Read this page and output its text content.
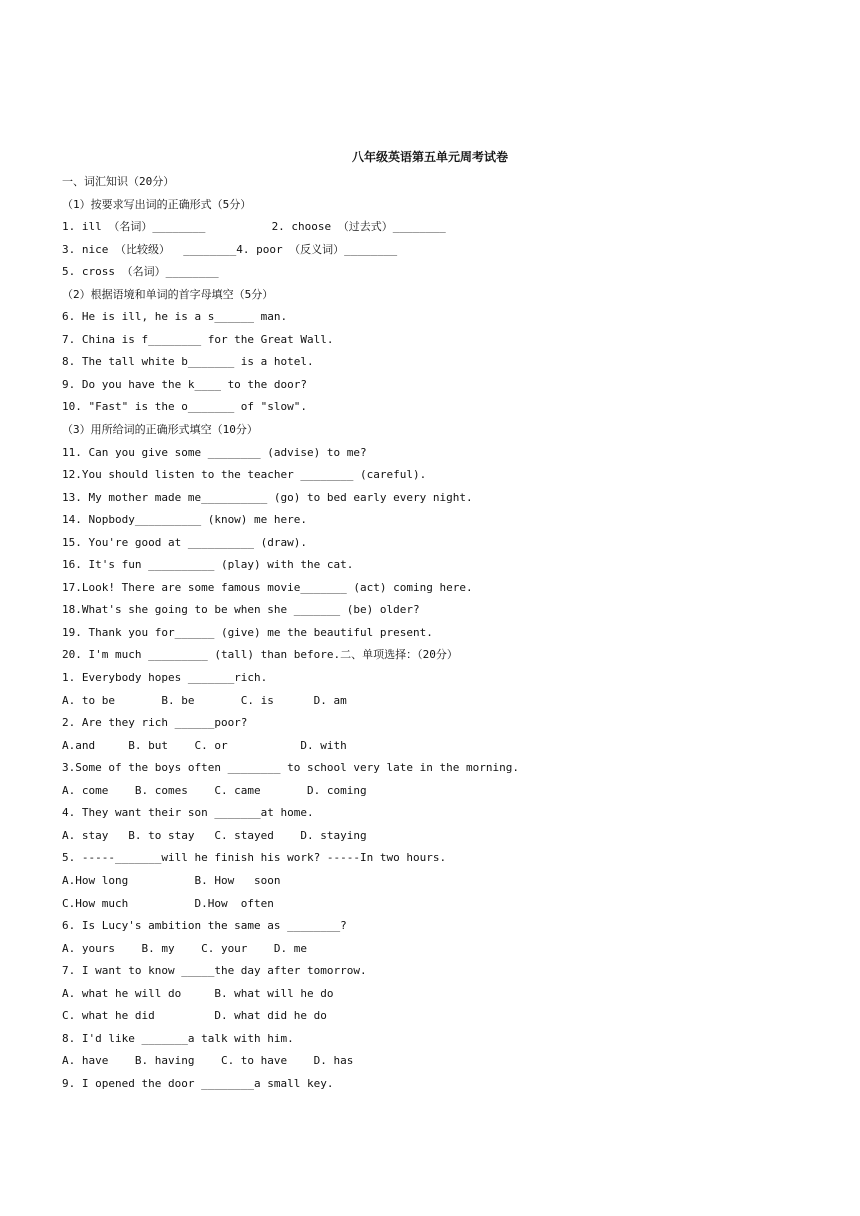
八年级英语第五单元周考试卷
一、词汇知识（20分）
（1）按要求写出词的正确形式（5分）
1. ill （名词）________          2. choose （过去式）________
3. nice （比较级）  ________4. poor （反义词）________
5. cross （名词）________
（2）根据语境和单词的首字母填空（5分）
6. He is ill, he is a s______ man.
7. China is f________ for the Great Wall.
8. The tall white b_______ is a hotel.
9. Do you have the k____ to the door?
10. "Fast" is the o_______ of "slow".
（3）用所给词的正确形式填空（10分）
11. Can you give some ________ (advise) to me?
12.You should listen to the teacher ________ (careful).
13. My mother made me__________ (go) to bed early every night.
14. Nopbody__________ (know) me here.
15. You're good at __________ (draw).
16. It's fun __________ (play) with the cat.
17.Look! There are some famous movie_______ (act) coming here.
18.What's she going to be when she _______ (be) older?
19. Thank you for______ (give) me the beautiful present.
20. I'm much _________ (tall) than before.二、单项选择：（20分）
1. Everybody hopes _______rich.
A. to be       B. be       C. is      D. am
2. Are they rich ______poor?
A.and     B. but    C. or           D. with
3.Some of the boys often ________ to school very late in the morning.
A. come    B. comes    C. came       D. coming
4. They want their son _______at home.
A. stay   B. to stay   C. stayed    D. staying
5. -----_______will he finish his work? -----In two hours.
A.How long          B. How   soon
C.How much          D.How  often
6. Is Lucy's ambition the same as ________?
A. yours    B. my    C. your    D. me
7. I want to know _____the day after tomorrow.
A. what he will do     B. what will he do
C. what he did         D. what did he do
8. I'd like _______a talk with him.
A. have    B. having    C. to have    D. has
9. I opened the door ________a small key.
